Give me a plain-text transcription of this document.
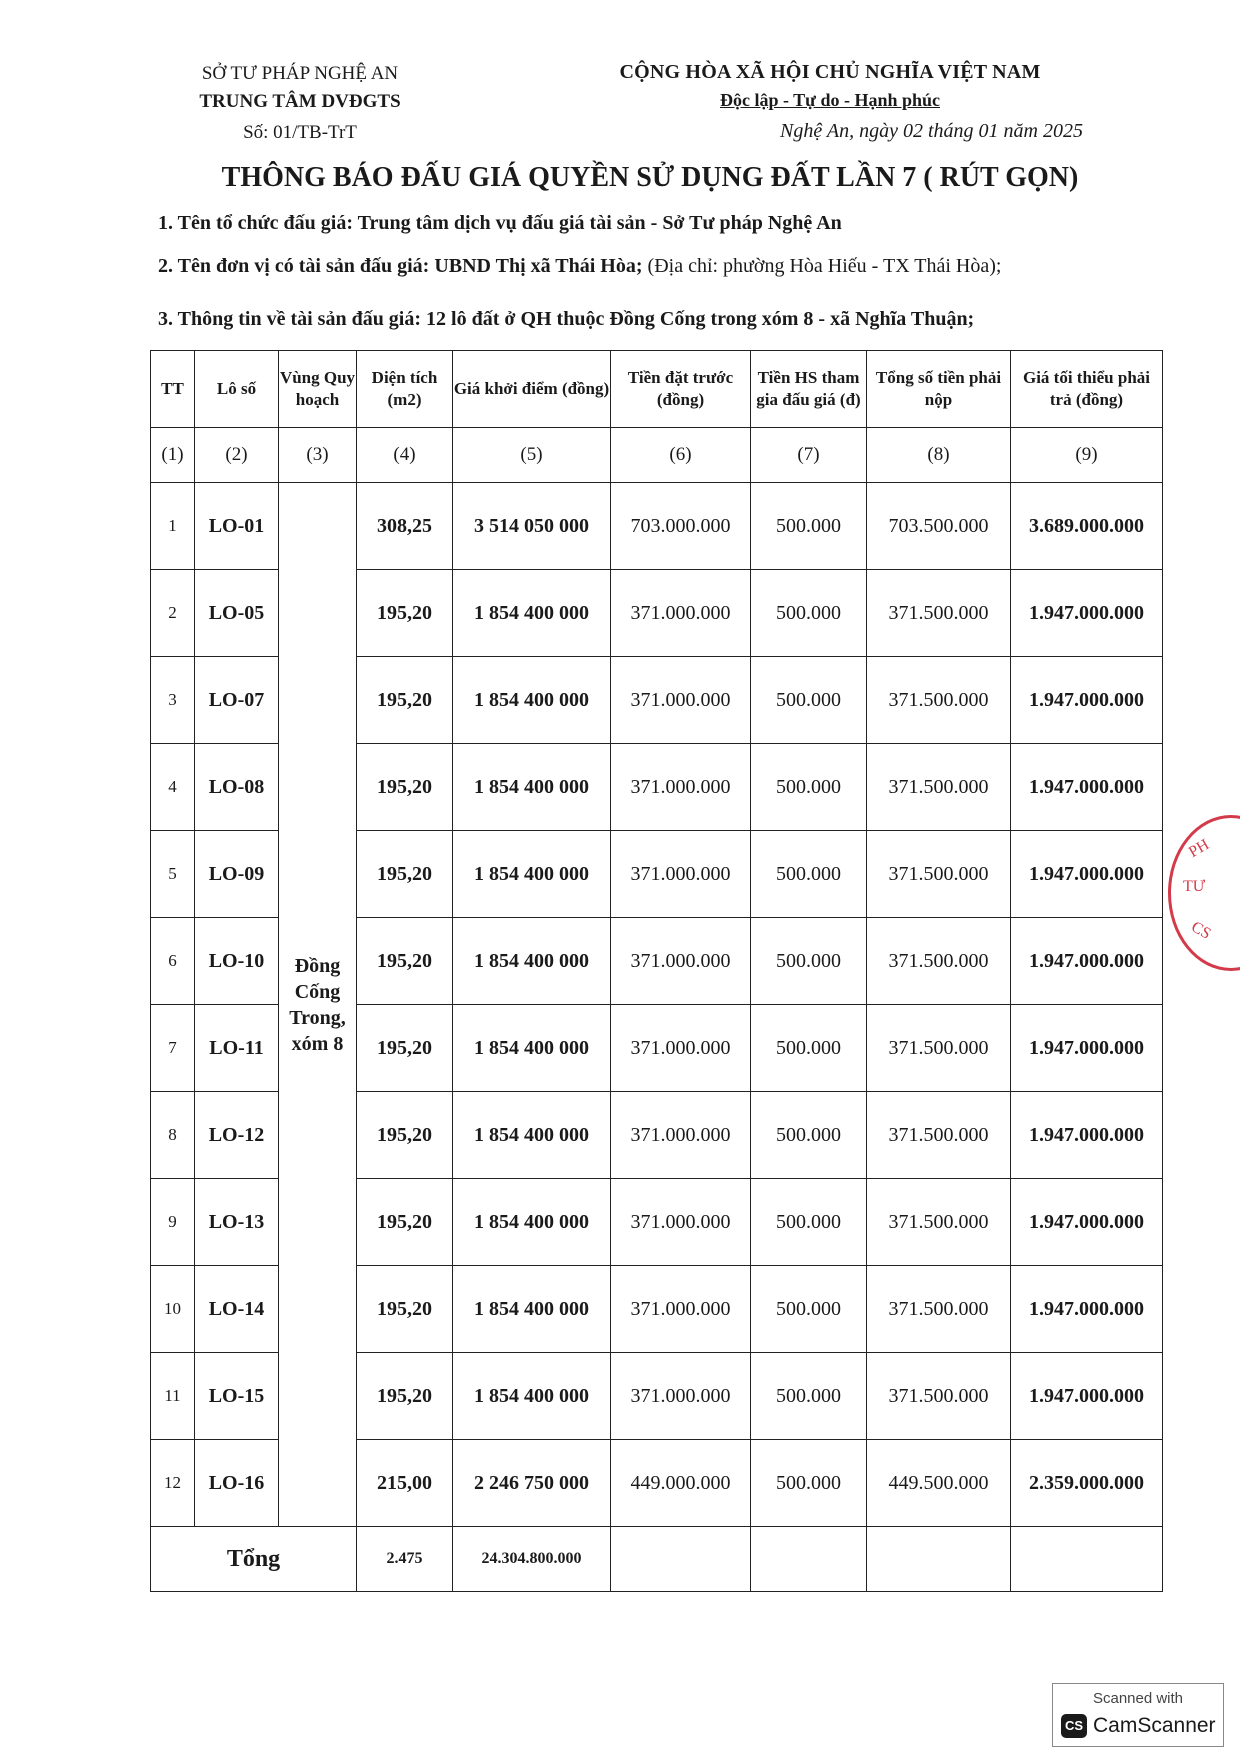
SỞ TƯ PHÁP NGHỆ AN
TRUNG TÂM DVĐGTS
Số: 01/TB-TrT
CỘNG HÒA XÃ HỘI CHỦ NGHĨA VIỆT NAM
Độc lập - Tự do - Hạnh phúc
Nghệ An, ngày 02 tháng 01 năm 2025
THÔNG BÁO ĐẤU GIÁ QUYỀN SỬ DỤNG ĐẤT LẦN 7 ( RÚT GỌN)
1. Tên tổ chức đấu giá: Trung tâm dịch vụ đấu giá tài sản - Sở Tư pháp Nghệ An
2. Tên đơn vị có tài sản đấu giá: UBND Thị xã Thái Hòa; (Địa chỉ: phường Hòa Hiếu - TX Thái Hòa);
3. Thông tin về tài sản đấu giá: 12 lô đất ở QH thuộc Đồng Cống trong xóm 8 - xã Nghĩa Thuận;
TT	Lô số	Vùng Quy hoạch	Diện tích (m2)	Giá khởi điểm (đồng)	Tiền đặt trước (đồng)	Tiền HS tham gia đấu giá (đ)	Tổng số tiền phải nộp	Giá tối thiểu phải trả (đồng)
(1)	(2)	(3)	(4)	(5)	(6)	(7)	(8)	(9)
1	LO-01	Đồng Cống Trong, xóm 8	308,25	3 514 050 000	703.000.000	500.000	703.500.000	3.689.000.000
2	LO-05		195,20	1 854 400 000	371.000.000	500.000	371.500.000	1.947.000.000
3	LO-07		195,20	1 854 400 000	371.000.000	500.000	371.500.000	1.947.000.000
4	LO-08		195,20	1 854 400 000	371.000.000	500.000	371.500.000	1.947.000.000
5	LO-09		195,20	1 854 400 000	371.000.000	500.000	371.500.000	1.947.000.000
6	LO-10		195,20	1 854 400 000	371.000.000	500.000	371.500.000	1.947.000.000
7	LO-11		195,20	1 854 400 000	371.000.000	500.000	371.500.000	1.947.000.000
8	LO-12		195,20	1 854 400 000	371.000.000	500.000	371.500.000	1.947.000.000
9	LO-13		195,20	1 854 400 000	371.000.000	500.000	371.500.000	1.947.000.000
10	LO-14		195,20	1 854 400 000	371.000.000	500.000	371.500.000	1.947.000.000
11	LO-15		195,20	1 854 400 000	371.000.000	500.000	371.500.000	1.947.000.000
12	LO-16		215,00	2 246 750 000	449.000.000	500.000	449.500.000	2.359.000.000
Tổng			2.475	24.304.800.000				
PH
TƯ
CS
Scanned with
CS CamScanner
